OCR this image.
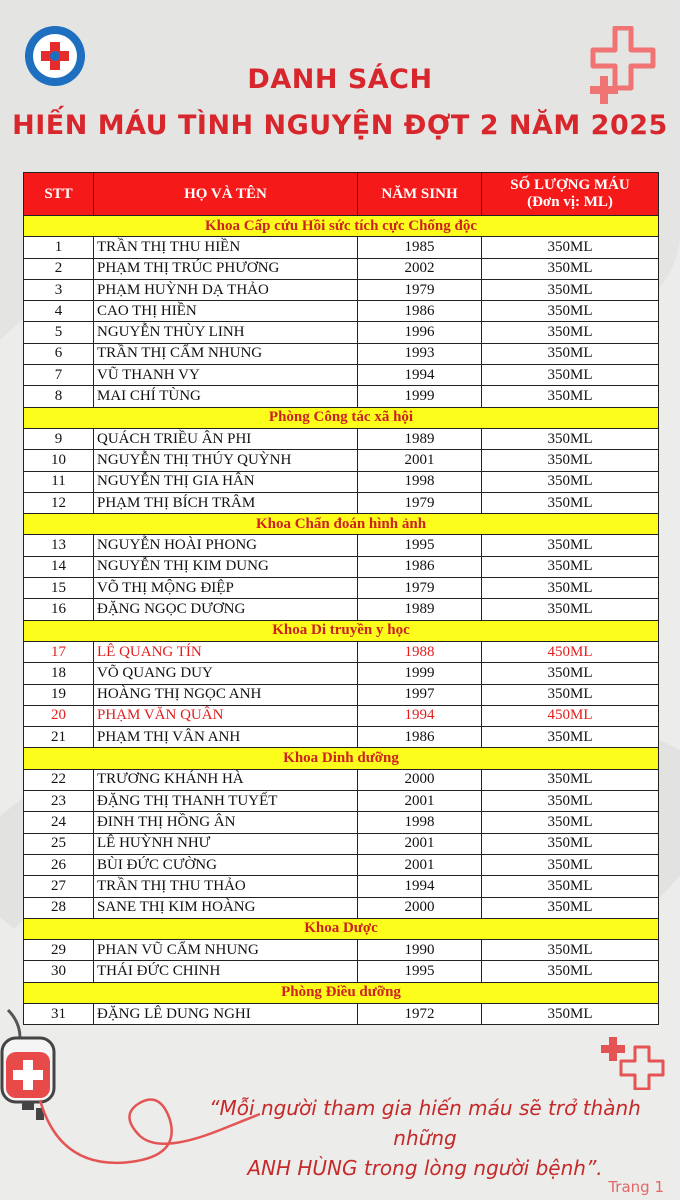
DANH SÁCH
HIẾN MÁU TÌNH NGUYỆN ĐỢT 2 NĂM 2025
STT	HỌ VÀ TÊN	NĂM SINH	SỐ LƯỢNG MÁU
(Đơn vị: ML)

Khoa Cấp cứu Hồi sức tích cực Chống độc			
1	TRẦN THỊ THU HIỀN	1985	350ML
2	PHẠM THỊ TRÚC PHƯƠNG	2002	350ML
3	PHẠM HUỲNH DẠ THẢO	1979	350ML
4	CAO THỊ HIỀN	1986	350ML
5	NGUYỄN THÙY LINH	1996	350ML
6	TRẦN THỊ CẨM NHUNG	1993	350ML
7	VŨ THANH VY	1994	350ML
8	MAI CHÍ TÙNG	1999	350ML
Phòng Công tác xã hội			
9	QUÁCH TRIỀU ÂN PHI	1989	350ML
10	NGUYỄN THỊ THÚY QUỲNH	2001	350ML
11	NGUYỄN THỊ GIA HÂN	1998	350ML
12	PHẠM THỊ BÍCH TRÂM	1979	350ML
Khoa Chẩn đoán hình ảnh			
13	NGUYỄN HOÀI PHONG	1995	350ML
14	NGUYỄN THỊ KIM DUNG	1986	350ML
15	VÕ THỊ MỘNG ĐIỆP	1979	350ML
16	ĐẶNG NGỌC DƯƠNG	1989	350ML
Khoa Di truyền y học			
17	LÊ QUANG TÍN	1988	450ML
18	VÕ QUANG DUY	1999	350ML
19	HOÀNG THỊ NGỌC ANH	1997	350ML
20	PHẠM VĂN QUÂN	1994	450ML
21	PHẠM THỊ VÂN ANH	1986	350ML
Khoa Dinh dưỡng			
22	TRƯƠNG KHÁNH HÀ	2000	350ML
23	ĐẶNG THỊ THANH TUYẾT	2001	350ML
24	ĐINH THỊ HỒNG ÂN	1998	350ML
25	LÊ HUỲNH NHƯ	2001	350ML
26	BÙI ĐỨC CƯỜNG	2001	350ML
27	TRẦN THỊ THU THẢO	1994	350ML
28	SANE THỊ KIM HOÀNG	2000	350ML
Khoa Dược			
29	PHAN VŨ CẨM NHUNG	1990	350ML
30	THÁI ĐỨC CHINH	1995	350ML
Phòng Điều dưỡng			
31	ĐẶNG LÊ DUNG NGHI	1972	350ML
“Mỗi người tham gia hiến máu sẽ trở thành những
ANH HÙNG trong lòng người bệnh”.
Trang 1
